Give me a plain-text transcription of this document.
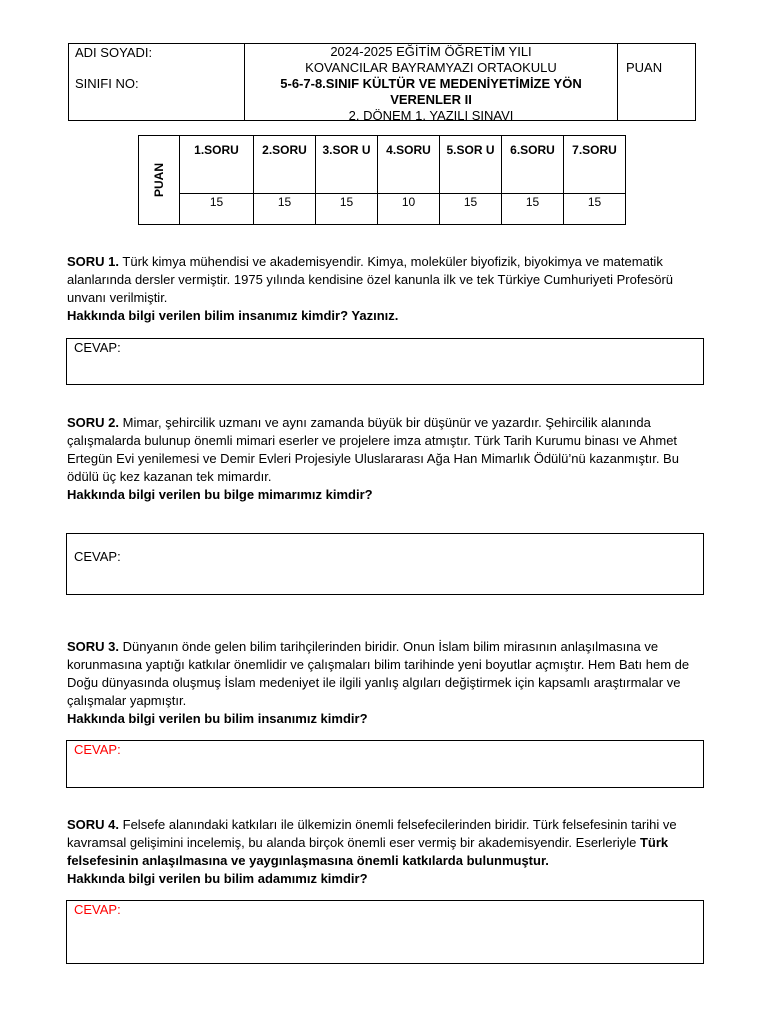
ADI SOYADI:
SINIFI NO:
2024-2025 EĞİTİM ÖĞRETİM YILI
KOVANCILAR BAYRAMYAZI ORTAOKULU
5-6-7-8.SINIF KÜLTÜR VE MEDENİYETİMİZE YÖN VERENLER II
2. DÖNEM 1. YAZILI SINAVI
PUAN
PUAN	1.SORU	2.SORU	3.SOR U	4.SORU	5.SOR U	6.SORU	7.SORU
	15	15	15	10	15	15	15

SORU 1. Türk kimya mühendisi ve akademisyendir. Kimya, moleküler biyofizik, biyokimya ve matematik alanlarında dersler vermiştir. 1975 yılında kendisine özel kanunla ilk ve tek Türkiye Cumhuriyeti Profesörü unvanı verilmiştir.

Hakkında bilgi verilen bilim insanımız kimdir? Yazınız.

CEVAP:

SORU 2. Mimar, şehircilik uzmanı ve aynı zamanda büyük bir düşünür ve yazardır. Şehircilik alanında

çalışmalarda bulunup önemli mimari eserler ve projelere imza atmıştır. Türk Tarih Kurumu binası ve Ahmet Ertegün Evi yenilemesi ve Demir Evleri Projesiyle Uluslararası Ağa Han Mimarlık Ödülü’nü kazanmıştır. Bu ödülü üç kez kazanan tek mimardır.

Hakkında bilgi verilen bu bilge mimarımız kimdir?

CEVAP:

SORU 3. Dünyanın önde gelen bilim tarihçilerinden biridir. Onun İslam bilim mirasının anlaşılmasına ve korunmasına yaptığı katkılar önemlidir ve çalışmaları bilim tarihinde yeni boyutlar açmıştır. Hem Batı hem de Doğu dünyasında oluşmuş İslam medeniyet ile ilgili yanlış algıları değiştirmek için kapsamlı araştırmalar ve çalışmalar yapmıştır.

Hakkında bilgi verilen bu bilim insanımız kimdir?

CEVAP:

SORU 4. Felsefe alanındaki katkıları ile ülkemizin önemli felsefecilerinden biridir. Türk felsefesinin tarihi ve kavramsal gelişimini incelemiş, bu alanda birçok önemli eser vermiş bir akademisyendir. Eserleriyle Türk felsefesinin anlaşılmasına ve yaygınlaşmasına önemli katkılarda bulunmuştur.

Hakkında bilgi verilen bu bilim adamımız kimdir?

CEVAP:
